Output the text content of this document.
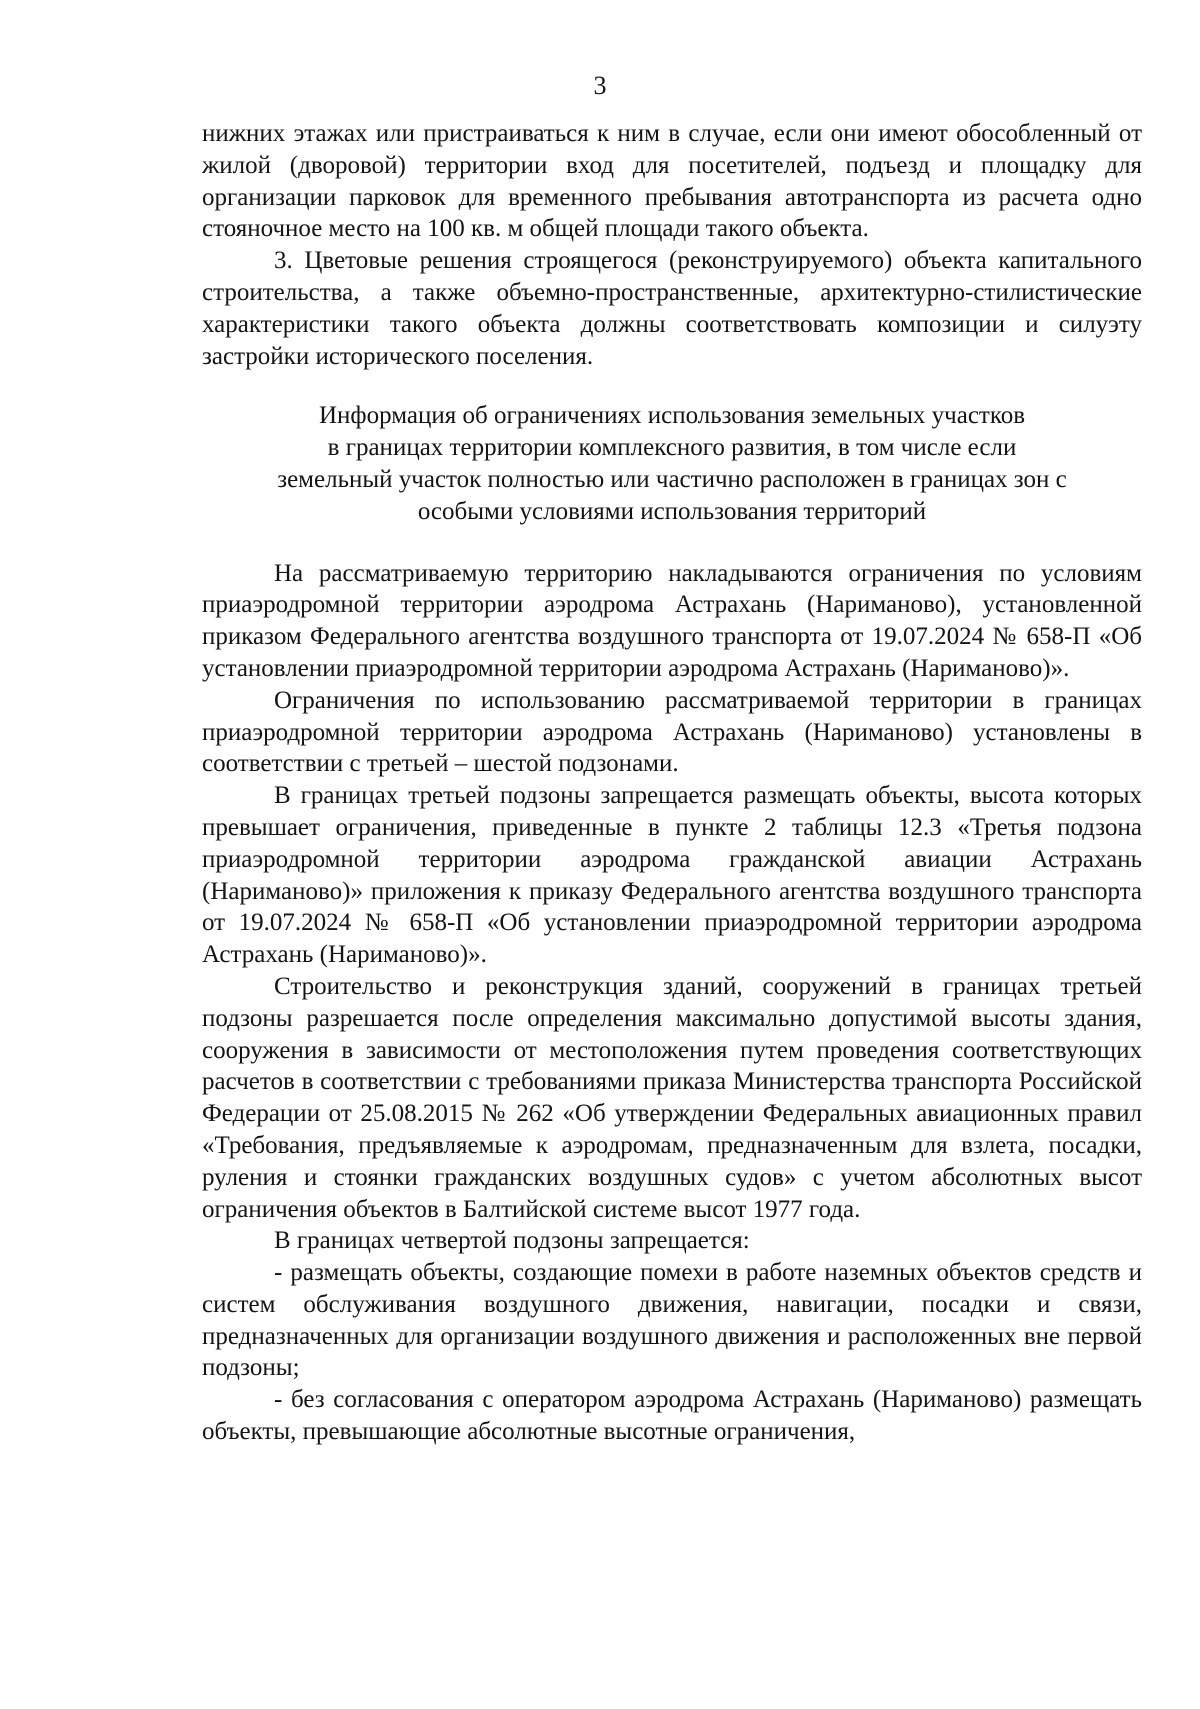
3

нижних этажах или пристраиваться к ним в случае, если они имеют обособленный от жилой (дворовой) территории вход для посетителей, подъезд и площадку для организации парковок для временного пребывания автотранспорта из расчета одно стояночное место на 100 кв. м общей площади такого объекта.

3. Цветовые решения строящегося (реконструируемого) объекта капитального строительства, а также объемно-пространственные, архитектурно-стилистические характеристики такого объекта должны соответствовать композиции и силуэту застройки исторического поселения.

Информация об ограничениях использования земельных участков
в границах территории комплексного развития, в том числе если
земельный участок полностью или частично расположен в границах зон с
особыми условиями использования территорий

На рассматриваемую территорию накладываются ограничения по условиям приаэродромной территории аэродрома Астрахань (Нариманово), установленной приказом Федерального агентства воздушного транспорта от 19.07.2024 № 658-П «Об установлении приаэродромной территории аэродрома Астрахань (Нариманово)».

Ограничения по использованию рассматриваемой территории в границах приаэродромной территории аэродрома Астрахань (Нариманово) установлены в соответствии с третьей – шестой подзонами.

В границах третьей подзоны запрещается размещать объекты, высота которых превышает ограничения, приведенные в пункте 2 таблицы 12.3 «Третья подзона приаэродромной территории аэродрома гражданской авиации Астрахань (Нариманово)» приложения к приказу Федерального агентства воздушного транспорта от 19.07.2024 № 658-П «Об установлении приаэродромной территории аэродрома Астрахань (Нариманово)».

Строительство и реконструкция зданий, сооружений в границах третьей подзоны разрешается после определения максимально допустимой высоты здания, сооружения в зависимости от местоположения путем проведения соответствующих расчетов в соответствии с требованиями приказа Министерства транспорта Российской Федерации от 25.08.2015 № 262 «Об утверждении Федеральных авиационных правил «Требования, предъявляемые к аэродромам, предназначенным для взлета, посадки, руления и стоянки гражданских воздушных судов» с учетом абсолютных высот ограничения объектов в Балтийской системе высот 1977 года.

В границах четвертой подзоны запрещается:

- размещать объекты, создающие помехи в работе наземных объектов средств и систем обслуживания воздушного движения, навигации, посадки и связи, предназначенных для организации воздушного движения и расположенных вне первой подзоны;

- без согласования с оператором аэродрома Астрахань (Нариманово) размещать объекты, превышающие абсолютные высотные ограничения,
